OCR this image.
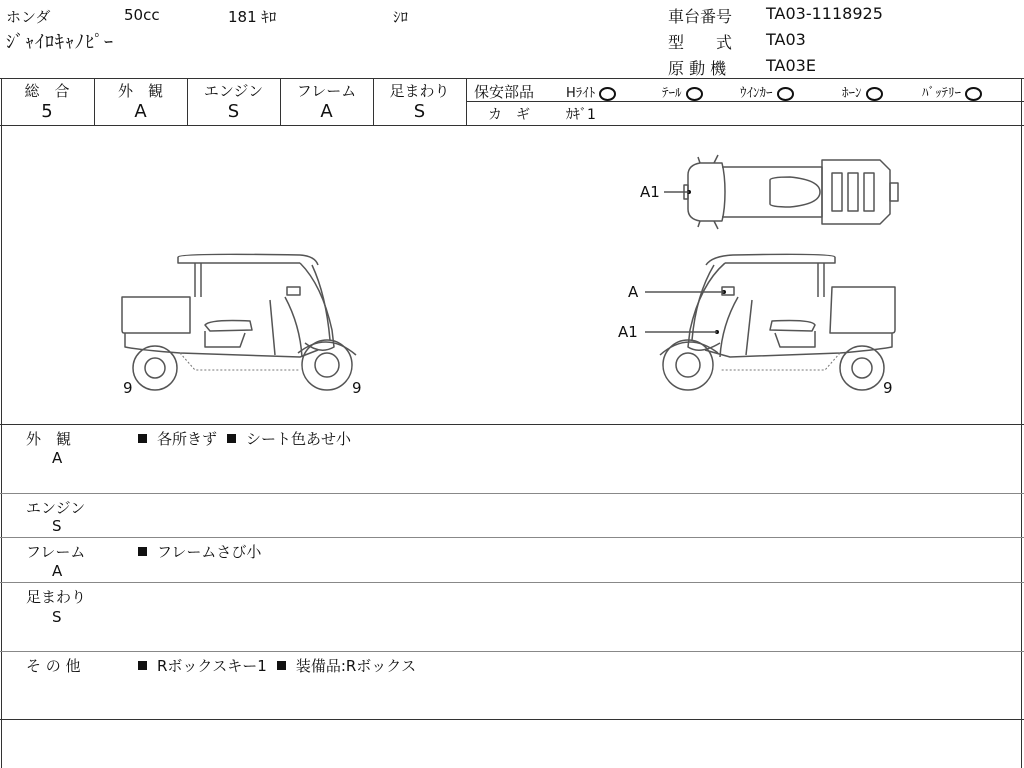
ホンダ	50cc	181 ｷﾛ	ｼﾛ
ｼﾞｬｲﾛｷｬﾉﾋﾟｰ
車台番号 TA03-1118925
型　　式 TA03
原 動 機 TA03E
総　合	外　観	エンジン	フレーム	足まわり
5	A	S	A	S
保安部品 Hﾗｲﾄ	ﾃｰﾙ	ｳｲﾝｶｰ	ﾎｰﾝ	ﾊﾞｯﾃﾘｰ
カ　ギ	ｶｷﾞ1
9	9
A1
A
A1
9
外　観
A
各所きず シート色あせ小
エンジン
S
フレーム
A
フレームさび小
足まわり
S
そ の 他	Rボックスキー1 装備品:Rボックス
